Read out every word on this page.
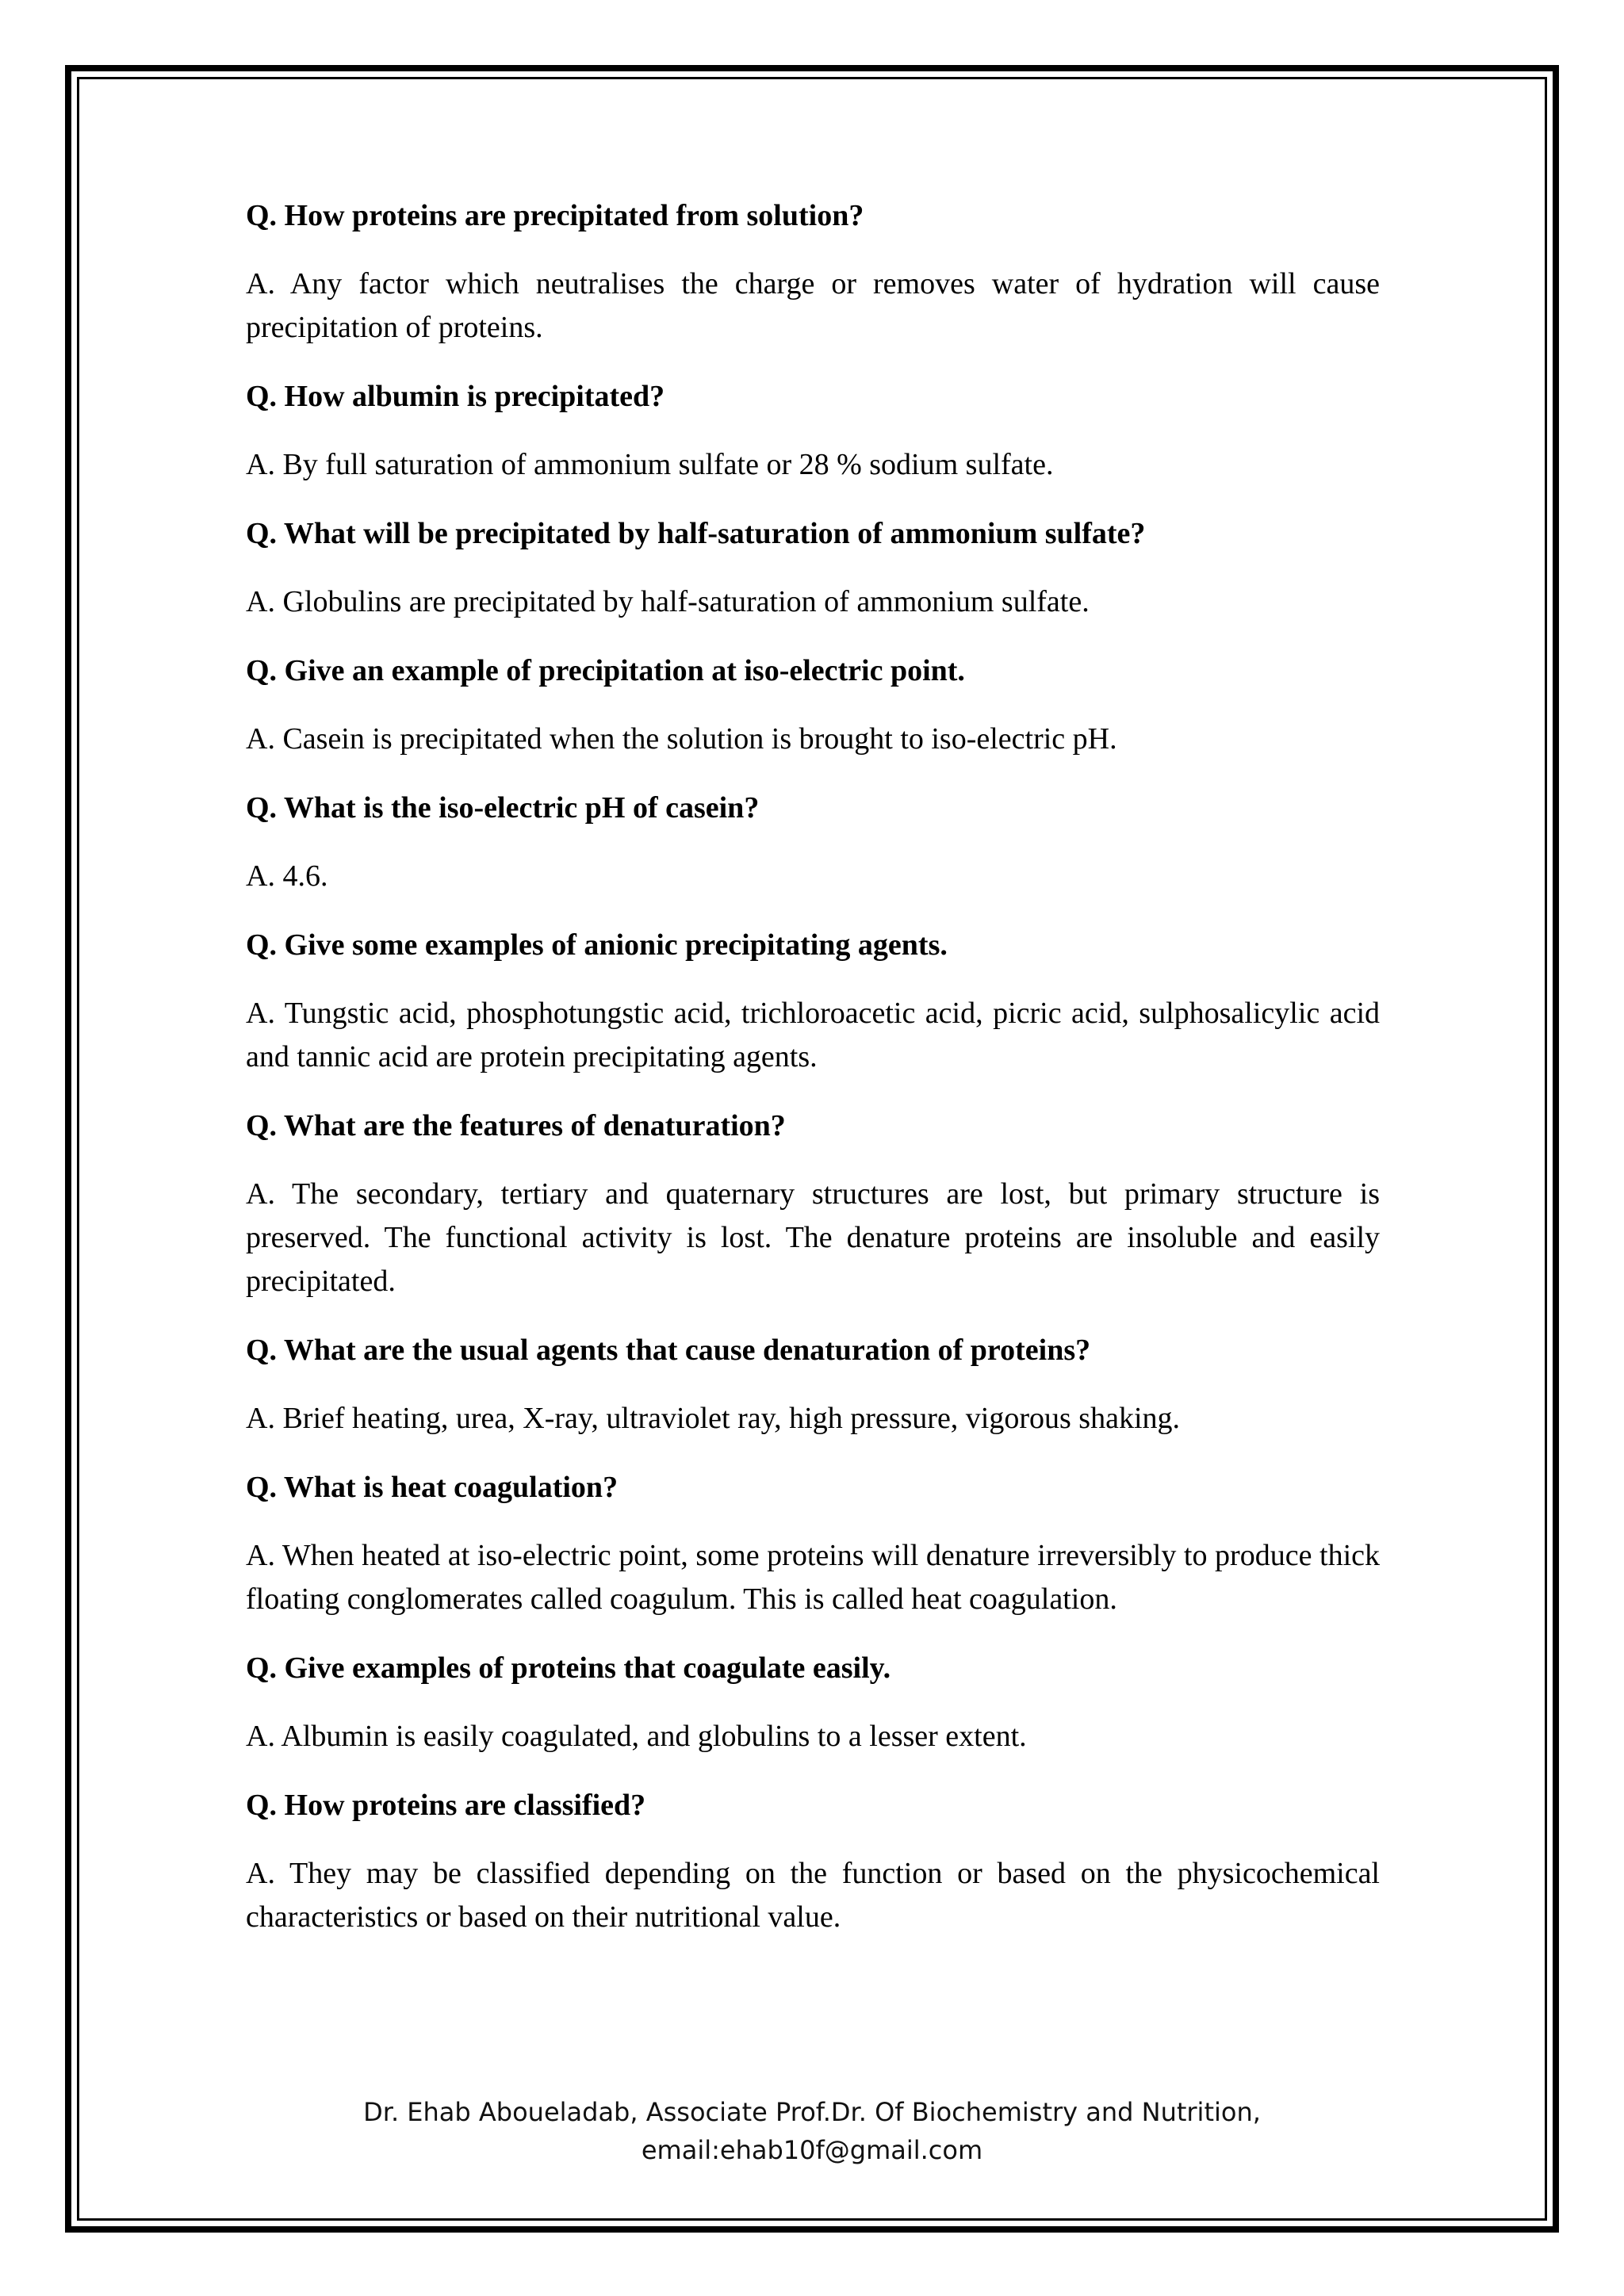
Q. How proteins are precipitated from solution?

A. Any factor which neutralises the charge or removes water of hydration will cause precipitation of proteins.

Q. How albumin is precipitated?

A. By full saturation of ammonium sulfate or 28 % sodium sulfate.

Q. What will be precipitated by half-saturation of ammonium sulfate?

A. Globulins are precipitated by half-saturation of ammonium sulfate.

Q. Give an example of precipitation at iso-electric point.

A. Casein is precipitated when the solution is brought to iso-electric pH.

Q. What is the iso-electric pH of casein?

A. 4.6.

Q. Give some examples of anionic precipitating agents.

A. Tungstic acid, phosphotungstic acid, trichloroacetic acid, picric acid, sulphosalicylic acid and tannic acid are protein precipitating agents.

Q. What are the features of denaturation?

A. The secondary, tertiary and quaternary structures are lost, but primary structure is preserved. The functional activity is lost. The denature proteins are insoluble and easily precipitated.

Q. What are the usual agents that cause denaturation of proteins?

A. Brief heating, urea, X-ray, ultraviolet ray, high pressure, vigorous shaking.

Q. What is heat coagulation?

A. When heated at iso-electric point, some proteins will denature irreversibly to produce thick floating conglomerates called coagulum. This is called heat coagulation.

Q. Give examples of proteins that coagulate easily.

A. Albumin is easily coagulated, and globulins to a lesser extent.

Q. How proteins are classified?

A. They may be classified depending on the function or based on the physicochemical characteristics or based on their nutritional value.

Dr. Ehab Aboueladab, Associate Prof.Dr. Of Biochemistry and Nutrition,
email:ehab10f@gmail.com
